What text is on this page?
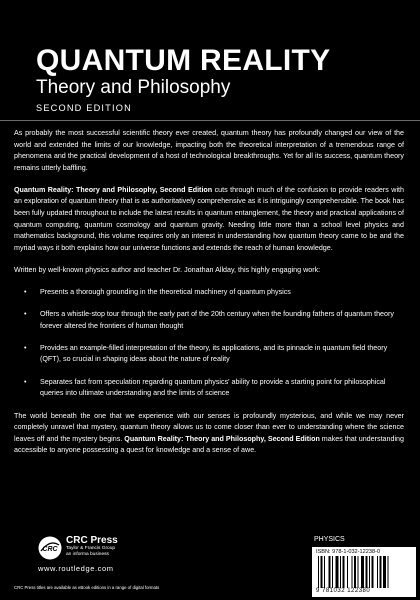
QUANTUM REALITY
Theory and Philosophy
SECOND EDITION

As probably the most successful scientific theory ever created, quantum theory has profoundly changed our view of the world and extended the limits of our knowledge, impacting both the theoretical interpretation of a tremendous range of phenomena and the practical development of a host of technological breakthroughs. Yet for all its success, quantum theory remains utterly baffling.

Quantum Reality: Theory and Philosophy, Second Edition cuts through much of the confusion to provide readers with an exploration of quantum theory that is as authoritatively comprehensive as it is intriguingly comprehensible. The book has been fully updated throughout to include the latest results in quantum entanglement, the theory and practical applications of quantum computing, quantum cosmology and quantum gravity. Needing little more than a school level physics and mathematics background, this volume requires only an interest in understanding how quantum theory came to be and the myriad ways it both explains how our universe functions and extends the reach of human knowledge.

Written by well-known physics author and teacher Dr. Jonathan Allday, this highly engaging work:

• Presents a thorough grounding in the theoretical machinery of quantum physics
• Offers a whistle-stop tour through the early part of the 20th century when the founding fathers of quantum theory forever altered the frontiers of human thought
• Provides an example-filled interpretation of the theory, its applications, and its pinnacle in quantum field theory (QFT), so crucial in shaping ideas about the nature of reality
• Separates fact from speculation regarding quantum physics' ability to provide a starting point for philosophical queries into ultimate understanding and the limits of science

The world beneath the one that we experience with our senses is profoundly mysterious, and while we may never completely unravel that mystery, quantum theory allows us to come closer than ever to understanding where the science leaves off and the mystery begins. Quantum Reality: Theory and Philosophy, Second Edition makes that understanding accessible to anyone possessing a quest for knowledge and a sense of awe.

CRC
CRC Press
Taylor & Francis Group
an informa business
www.routledge.com
CRC Press titles are available as eBook editions in a range of digital formats
PHYSICS
ISBN: 978-1-032-12238-0
9 781032 122380
